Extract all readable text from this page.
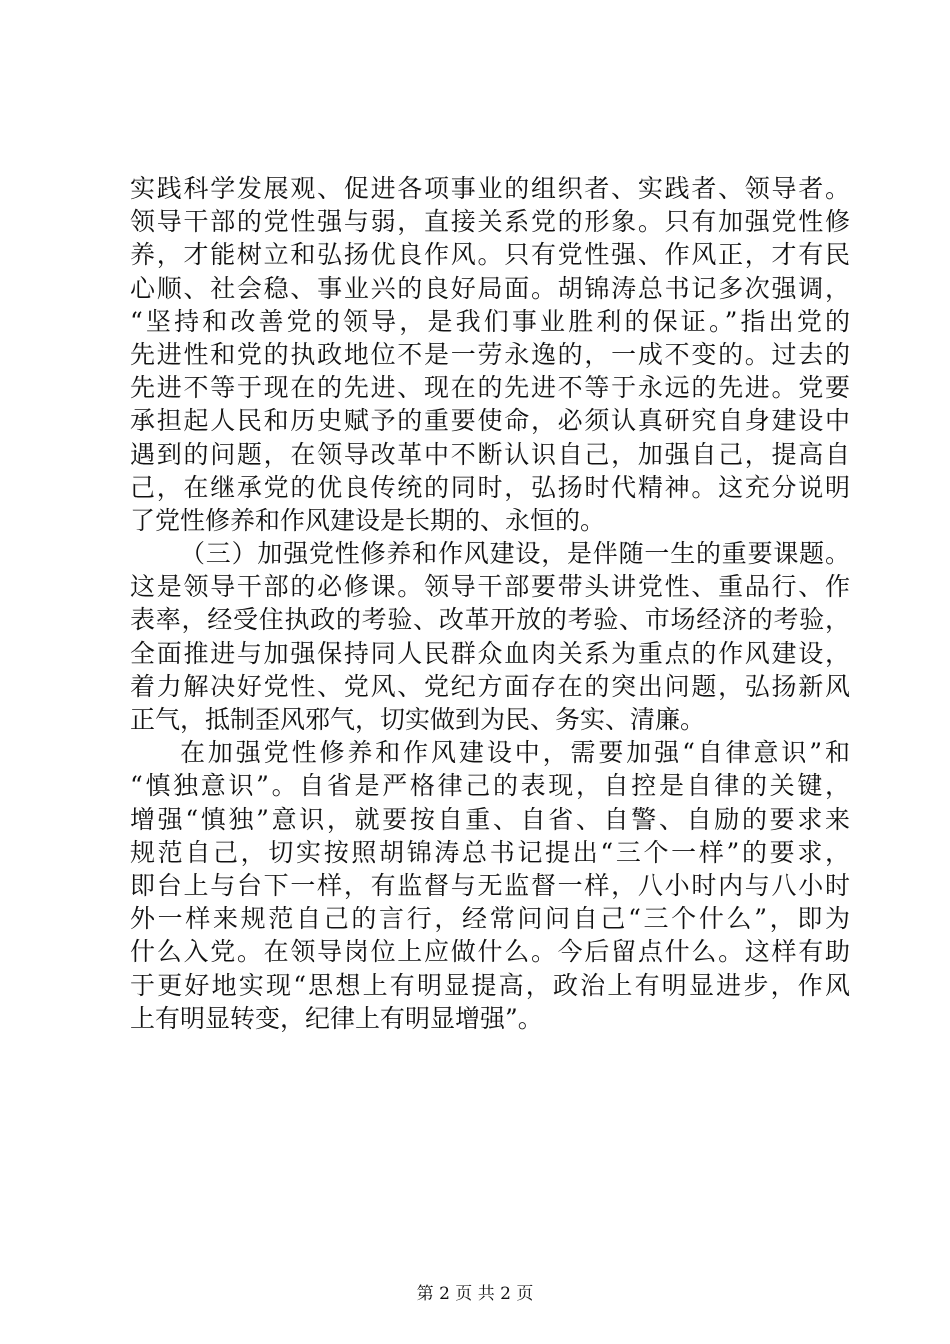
实践科学发展观、促进各项事业的组织者、实践者、领导者。
领导干部的党性强与弱，直接关系党的形象。只有加强党性修
养，才能树立和弘扬优良作风。只有党性强、作风正，才有民
心顺、社会稳、事业兴的良好局面。胡锦涛总书记多次强调，
“坚持和改善党的领导，是我们事业胜利的保证。”指出党的
先进性和党的执政地位不是一劳永逸的，一成不变的。过去的
先进不等于现在的先进、现在的先进不等于永远的先进。党要
承担起人民和历史赋予的重要使命，必须认真研究自身建设中
遇到的问题，在领导改革中不断认识自己，加强自己，提高自
己，在继承党的优良传统的同时，弘扬时代精神。这充分说明
了党性修养和作风建设是长期的、永恒的。
（三）加强党性修养和作风建设，是伴随一生的重要课题。
这是领导干部的必修课。领导干部要带头讲党性、重品行、作
表率，经受住执政的考验、改革开放的考验、市场经济的考验，
全面推进与加强保持同人民群众血肉关系为重点的作风建设，
着力解决好党性、党风、党纪方面存在的突出问题，弘扬新风
正气，抵制歪风邪气，切实做到为民、务实、清廉。
在加强党性修养和作风建设中，需要加强“自律意识”和
“慎独意识”。自省是严格律己的表现，自控是自律的关键，
增强“慎独”意识，就要按自重、自省、自警、自励的要求来
规范自己，切实按照胡锦涛总书记提出“三个一样”的要求，
即台上与台下一样，有监督与无监督一样，八小时内与八小时
外一样来规范自己的言行，经常问问自己“三个什么”，即为
什么入党。在领导岗位上应做什么。今后留点什么。这样有助
于更好地实现“思想上有明显提高，政治上有明显进步，作风
上有明显转变，纪律上有明显增强”。
第 2 页 共 2 页
